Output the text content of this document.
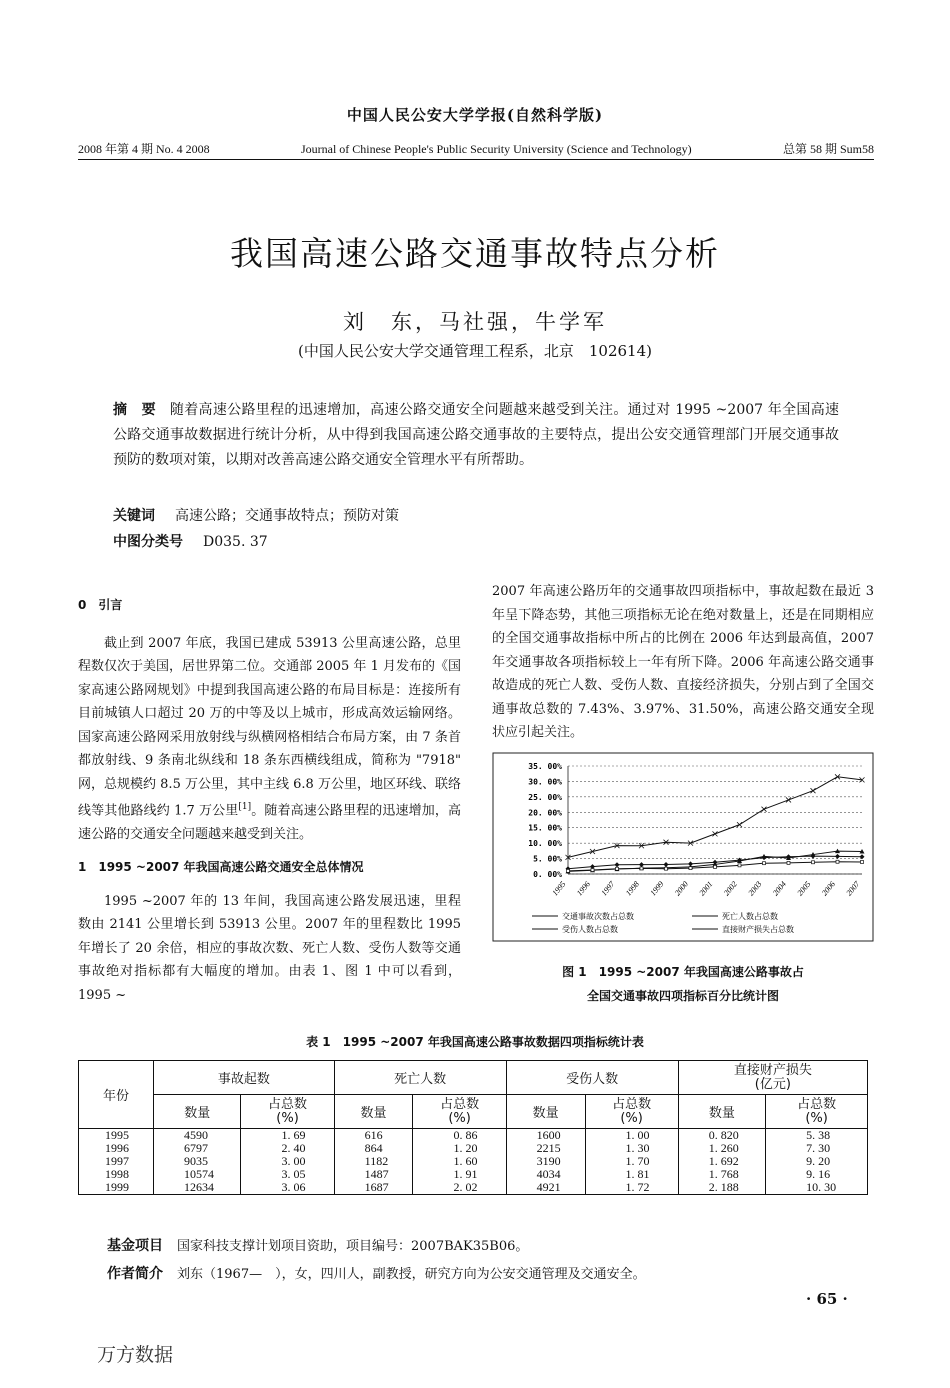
中国人民公安大学学报(自然科学版)
2008 年第 4 期 No. 4 2008	Journal of Chinese People's Public Security University (Science and Technology)	总第 58 期 Sum58
我国高速公路交通事故特点分析
刘　东，马社强，牛学军
(中国人民公安大学交通管理工程系，北京　102614)
摘　要 随着高速公路里程的迅速增加，高速公路交通安全问题越来越受到关注。通过对 1995 ~2007 年全国高速公路交通事故数据进行统计分析，从中得到我国高速公路交通事故的主要特点，提出公安交通管理部门开展交通事故预防的数项对策，以期对改善高速公路交通安全管理水平有所帮助。
关键词 高速公路；交通事故特点；预防对策
中图分类号 D035. 37
0　引言

截止到 2007 年底，我国已建成 53913 公里高速公路，总里程数仅次于美国，居世界第二位。交通部 2005 年 1 月发布的《国家高速公路网规划》中提到我国高速公路的布局目标是：连接所有目前城镇人口超过 20 万的中等及以上城市，形成高效运输网络。国家高速公路网采用放射线与纵横网格相结合布局方案，由 7 条首都放射线、9 条南北纵线和 18 条东西横线组成，简称为 "7918" 网，总规模约 8.5 万公里，其中主线 6.8 万公里，地区环线、联络线等其他路线约 1.7 万公里[1]。随着高速公路里程的迅速增加，高速公路的交通安全问题越来越受到关注。

1　1995 ~2007 年我国高速公路交通安全总体情况

1995 ~2007 年的 13 年间，我国高速公路发展迅速，里程数由 2141 公里增长到 53913 公里。2007 年的里程数比 1995 年增长了 20 余倍，相应的事故次数、死亡人数、受伤人数等交通事故绝对指标都有大幅度的增加。由表 1、图 1 中可以看到，1995 ~

2007 年高速公路历年的交通事故四项指标中，事故起数在最近 3 年呈下降态势，其他三项指标无论在绝对数量上，还是在同期相应的全国交通事故指标中所占的比例在 2006 年达到最高值，2007 年交通事故各项指标较上一年有所下降。2006 年高速公路交通事故造成的死亡人数、受伤人数、直接经济损失，分别占到了全国交通事故总数的 7.43%、3.97%、31.50%，高速公路交通安全现状应引起关注。

0. 00%
5. 00%
10. 00%
15. 00%
20. 00%
25. 00%
30. 00%
35. 00%
1995 1996 1997 1998 1999 2000 2001 2002 2003 2004 2005 2006 2007
交通事故次数占总数	死亡人数占总数
受伤人数占总数	直接财产损失占总数
图 1　1995 ~2007 年我国高速公路事故占
全国交通事故四项指标百分比统计图
表 1　1995 ~2007 年我国高速公路事故数据四项指标统计表
年份	事故起数		死亡人数		受伤人数		直接财产损失
(亿元)	
	数量	占总数
(%)	数量	占总数
(%)	数量	占总数
(%)	数量	占总数
(%)
1995	4590	1. 69	616	0. 86	1600	1. 00	0. 820	5. 38
1996	6797	2. 40	864	1. 20	2215	1. 30	1. 260	7. 30
1997	9035	3. 00	1182	1. 60	3190	1. 70	1. 692	9. 20
1998	10574	3. 05	1487	1. 91	4034	1. 81	1. 768	9. 16
1999	12634	3. 06	1687	2. 02	4921	1. 72	2. 188	10. 30
基金项目 国家科技支撑计划项目资助，项目编号：2007BAK35B06。
作者简介 刘东（1967—　），女，四川人，副教授，研究方向为公安交通管理及交通安全。
· 65 ·
万方数据
